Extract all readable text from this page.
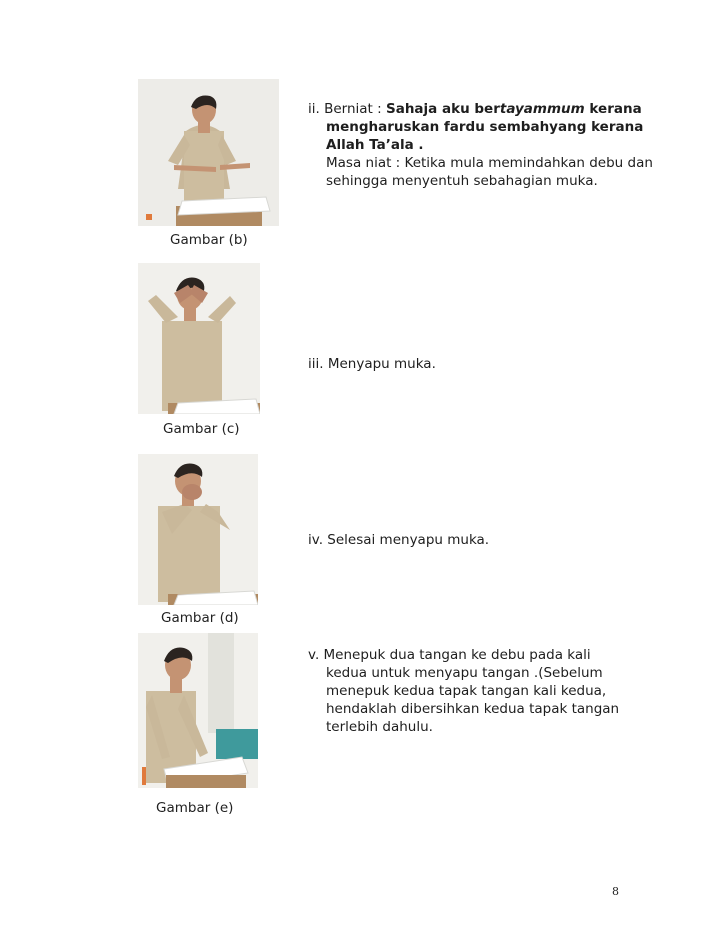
Gambar (b)
Gambar (c)
Gambar (d)
Gambar (e)
ii. Berniat : Sahaja aku bertayammum kerana
mengharuskan fardu sembahyang kerana
Allah Ta’ala .
Masa niat : Ketika mula memindahkan debu dan
sehingga menyentuh sebahagian muka.
iii. Menyapu muka.
iv. Selesai menyapu muka.
v. Menepuk dua tangan ke debu pada kali
kedua untuk menyapu tangan .(Sebelum
menepuk kedua tapak tangan kali kedua,
hendaklah dibersihkan kedua tapak tangan
terlebih dahulu.
8
